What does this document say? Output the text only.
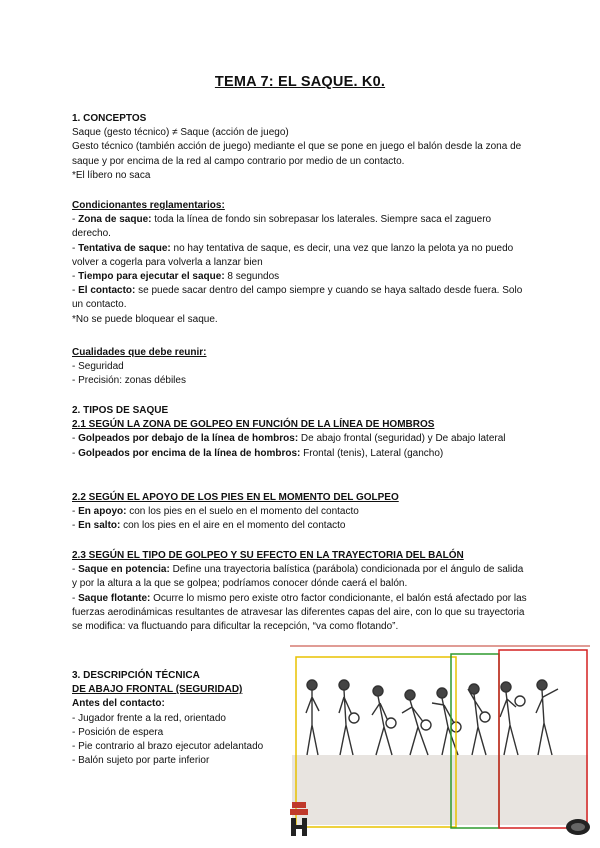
TEMA 7: EL SAQUE. K0.

1. CONCEPTOS

Saque (gesto técnico) ≠ Saque (acción de juego)

Gesto técnico (también acción de juego) mediante el que se pone en juego el balón desde la zona de saque y por encima de la red al campo contrario por medio de un contacto.

*El líbero no saca

Condicionantes reglamentarios:

- Zona de saque: toda la línea de fondo sin sobrepasar los laterales. Siempre saca el zaguero derecho.

- Tentativa de saque: no hay tentativa de saque, es decir, una vez que lanzo la pelota ya no puedo volver a cogerla para volverla a lanzar bien

- Tiempo para ejecutar el saque: 8 segundos

- El contacto: se puede sacar dentro del campo siempre y cuando se haya saltado desde fuera. Solo un contacto.

*No se puede bloquear el saque.

Cualidades que debe reunir:

- Seguridad

- Precisión: zonas débiles

2. TIPOS DE SAQUE

2.1 SEGÚN LA ZONA DE GOLPEO EN FUNCIÓN DE LA LÍNEA DE HOMBROS

- Golpeados por debajo de la línea de hombros: De abajo frontal (seguridad) y De abajo lateral

- Golpeados por encima de la línea de hombros: Frontal (tenis), Lateral (gancho)

2.2 SEGÚN EL APOYO DE LOS PIES EN EL MOMENTO DEL GOLPEO

- En apoyo: con los pies en el suelo en el momento del contacto

- En salto: con los pies en el aire en el momento del contacto

2.3 SEGÚN EL TIPO DE GOLPEO Y SU EFECTO EN LA TRAYECTORIA DEL BALÓN

- Saque en potencia: Define una trayectoria balística (parábola) condicionada por el ángulo de salida y por la altura a la que se golpea; podríamos conocer dónde caerá el balón.

- Saque flotante: Ocurre lo mismo pero existe otro factor condicionante, el balón está afectado por las fuerzas aerodinámicas resultantes de atravesar las diferentes capas del aire, con lo que su trayectoria se modifica: va fluctuando para dificultar la recepción, “va como flotando”.

3. DESCRIPCIÓN TÉCNICA

DE ABAJO FRONTAL (SEGURIDAD)

Antes del contacto:

- Jugador frente a la red, orientado

- Posición de espera

- Pie contrario al brazo ejecutor adelantado

- Balón sujeto por parte inferior
